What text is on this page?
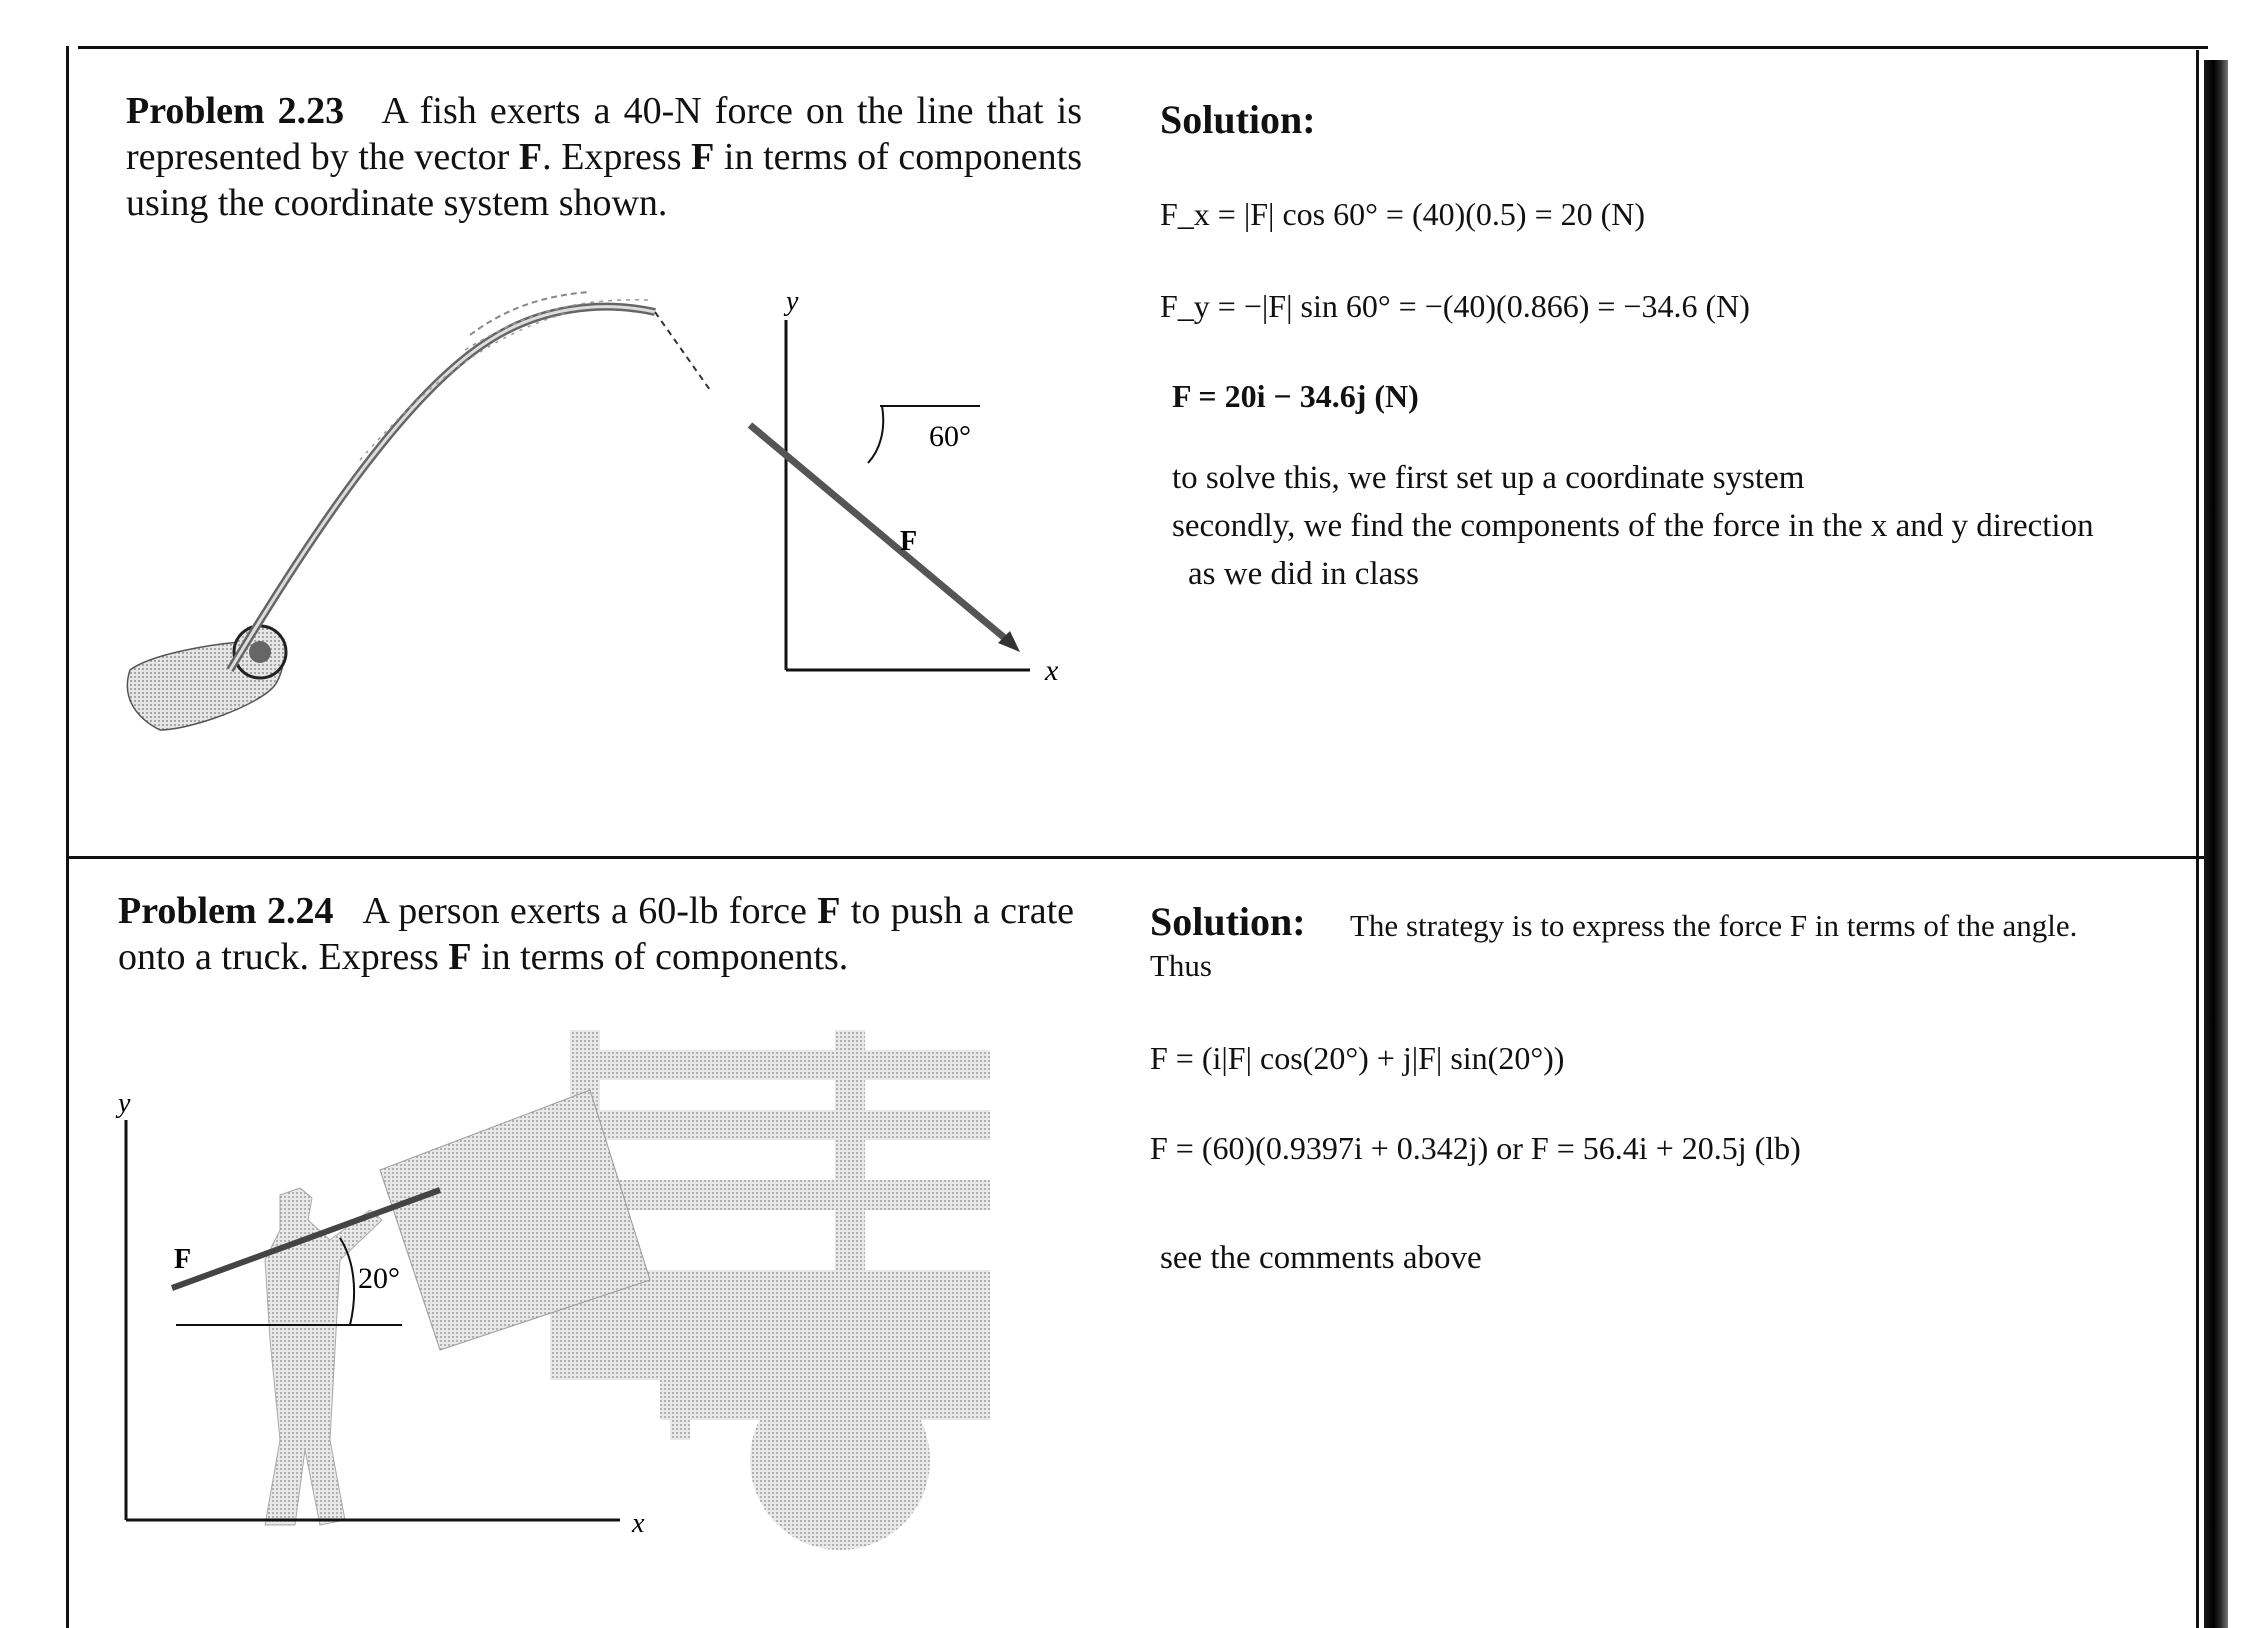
Problem 2.23 A fish exerts a 40-N force on the line that is represented by the vector F. Express F in terms of components using the coordinate system shown.
y
x
60°
F
Solution:
F_x = |F| cos 60° = (40)(0.5) = 20 (N)
F_y = −|F| sin 60° = −(40)(0.866) = −34.6 (N)
F = 20i − 34.6j (N)
to solve this, we first set up a coordinate system
secondly, we find the components of the force in the x and y direction
as we did in class
Problem 2.24 A person exerts a 60-lb force F to push a crate onto a truck. Express F in terms of components.
y
x
20°
F
Solution:	The strategy is to express the force F in terms of the angle. Thus
F = (i|F| cos(20°) + j|F| sin(20°))
F = (60)(0.9397i + 0.342j) or F = 56.4i + 20.5j (lb)
see the comments above
